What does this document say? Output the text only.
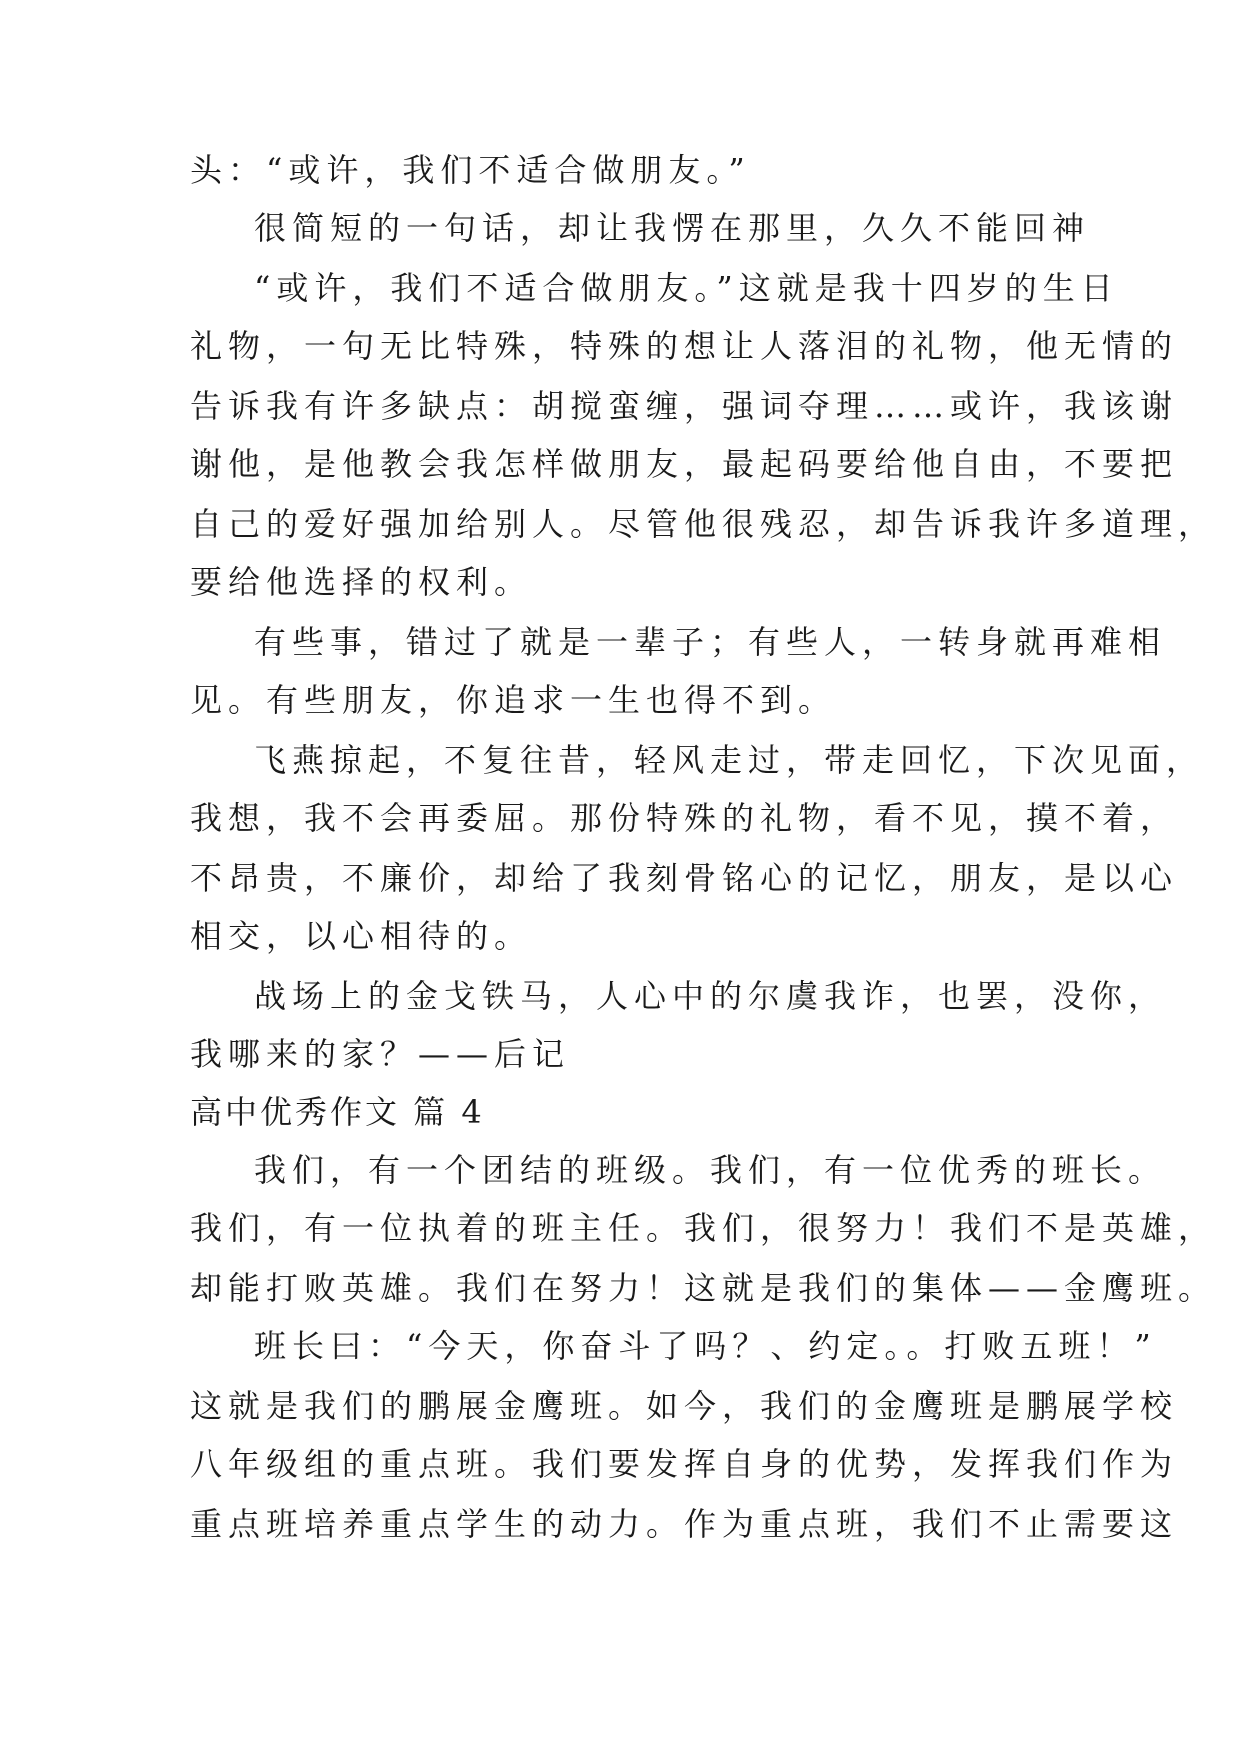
头：“或许，我们不适合做朋友。”
很简短的一句话，却让我愣在那里，久久不能回神
“或许，我们不适合做朋友。”这就是我十四岁的生日
礼物，一句无比特殊，特殊的想让人落泪的礼物，他无情的
告诉我有许多缺点：胡搅蛮缠，强词夺理……或许，我该谢
谢他，是他教会我怎样做朋友，最起码要给他自由，不要把
自己的爱好强加给别人。尽管他很残忍，却告诉我许多道理，
要给他选择的权利。
有些事，错过了就是一辈子；有些人，一转身就再难相
见。有些朋友，你追求一生也得不到。
飞燕掠起，不复往昔，轻风走过，带走回忆，下次见面，
我想，我不会再委屈。那份特殊的礼物，看不见，摸不着，
不昂贵，不廉价，却给了我刻骨铭心的记忆，朋友，是以心
相交，以心相待的。
战场上的金戈铁马，人心中的尔虞我诈，也罢，没你，
我哪来的家？——后记
高中优秀作文 篇 4
我们，有一个团结的班级。我们，有一位优秀的班长。
我们，有一位执着的班主任。我们，很努力！我们不是英雄，
却能打败英雄。我们在努力！这就是我们的集体——金鹰班。
班长曰：“今天，你奋斗了吗？、约定。。打败五班！”
这就是我们的鹏展金鹰班。如今，我们的金鹰班是鹏展学校
八年级组的重点班。我们要发挥自身的优势，发挥我们作为
重点班培养重点学生的动力。作为重点班，我们不止需要这
